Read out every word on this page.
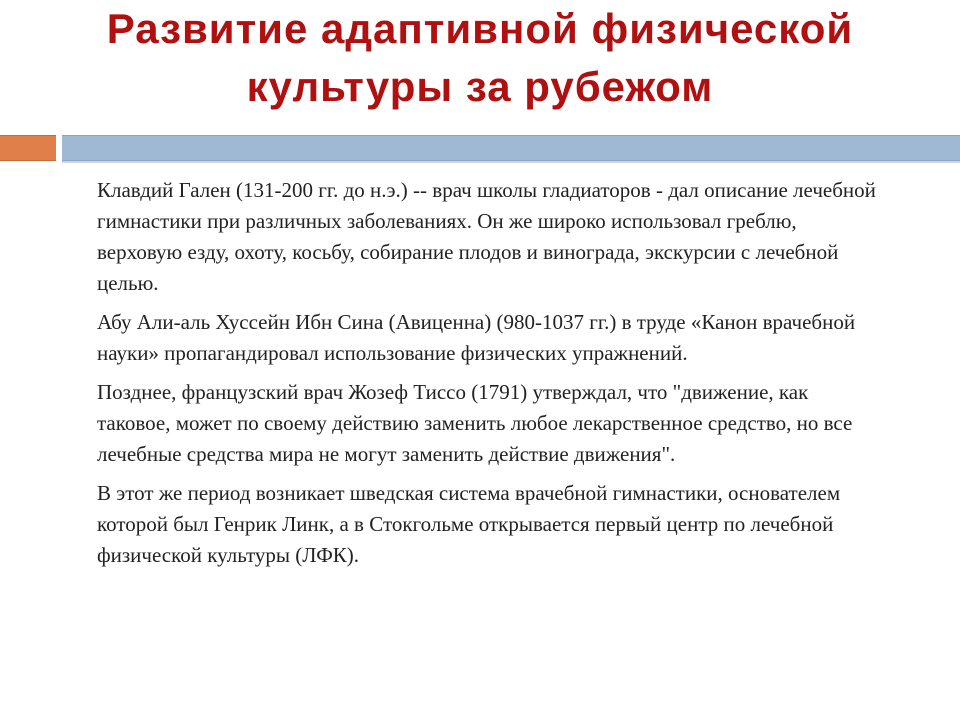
Развитие адаптивной физической культуры за рубежом

Клавдий Гален (131-200 гг. до н.э.) -- врач школы гладиаторов - дал описание лечебной гимнастики при различных заболеваниях. Он же широко использовал греблю, верховую езду, охоту, косьбу, собирание плодов и винограда, экскурсии с лечебной целью.

Абу Али-аль Хуссейн Ибн Сина (Авиценна) (980-1037 гг.) в труде «Канон врачебной науки» пропагандировал использование физических упражнений.

Позднее, французский врач Жозеф Тиссо (1791) утверждал, что "движение, как таковое, может по своему действию заменить любое лекарственное средство, но все лечебные средства мира не могут заменить действие движения".

В этот же период возникает шведская система врачебной гимнастики, основателем которой был Генрик Линк, а в Стокгольме открывается первый центр по лечебной физической культуры (ЛФК).
